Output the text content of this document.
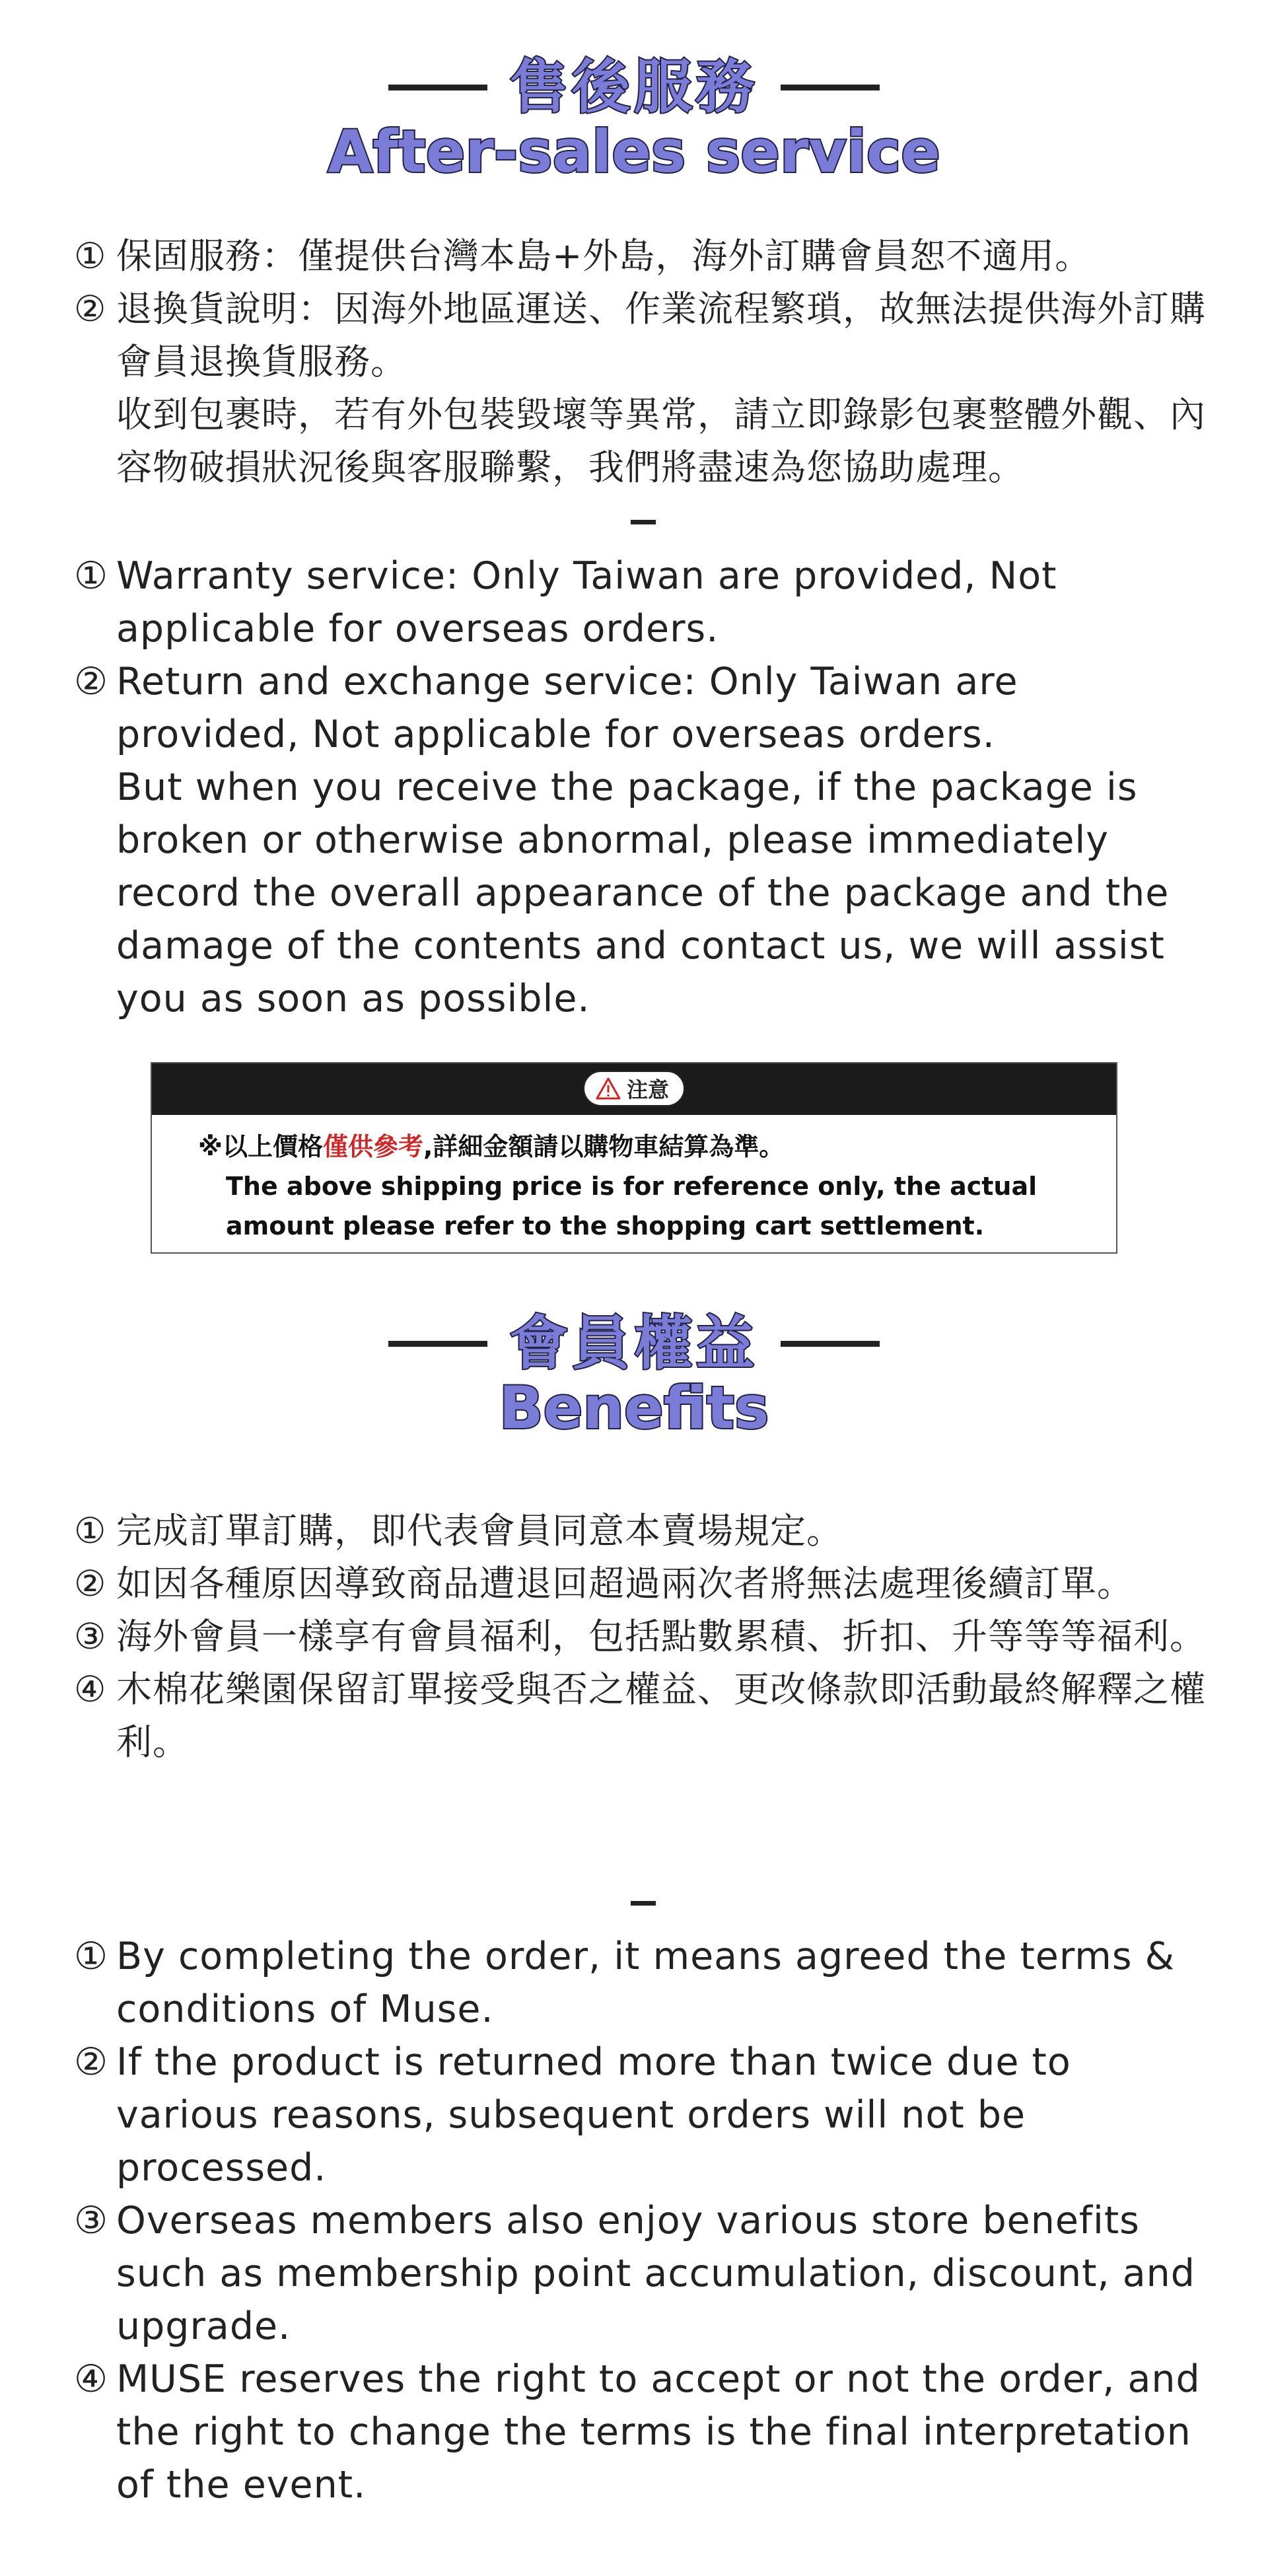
售後服務
After-sales service
① 保固服務：僅提供台灣本島+外島，海外訂購會員恕不適用。
② 退換貨說明：因海外地區運送、作業流程繁瑣，故無法提供海外訂購會員退換貨服務。
收到包裹時，若有外包裝毀壞等異常，請立即錄影包裹整體外觀、內容物破損狀況後與客服聯繫，我們將盡速為您協助處理。
① Warranty service: Only Taiwan are provided, Not applicable for overseas orders.
② Return and exchange service: Only Taiwan are provided, Not applicable for overseas orders.
But when you receive the package, if the package is broken or otherwise abnormal, please immediately record the overall appearance of the package and the damage of the contents and contact us, we will assist you as soon as possible.
注意
※以上價格僅供參考,詳細金額請以購物車結算為準。
The above shipping price is for reference only, the actual
amount please refer to the shopping cart settlement.
會員權益
Benefits
① 完成訂單訂購，即代表會員同意本賣場規定。
② 如因各種原因導致商品遭退回超過兩次者將無法處理後續訂單。
③ 海外會員一樣享有會員福利，包括點數累積、折扣、升等等等福利。
④ 木棉花樂園保留訂單接受與否之權益、更改條款即活動最終解釋之權利。
① By completing the order, it means agreed the terms & conditions of Muse.
② If the product is returned more than twice due to various reasons, subsequent orders will not be processed.
③ Overseas members also enjoy various store benefits such as membership point accumulation, discount, and upgrade.
④ MUSE reserves the right to accept or not the order, and the right to change the terms is the final interpretation of the event.
